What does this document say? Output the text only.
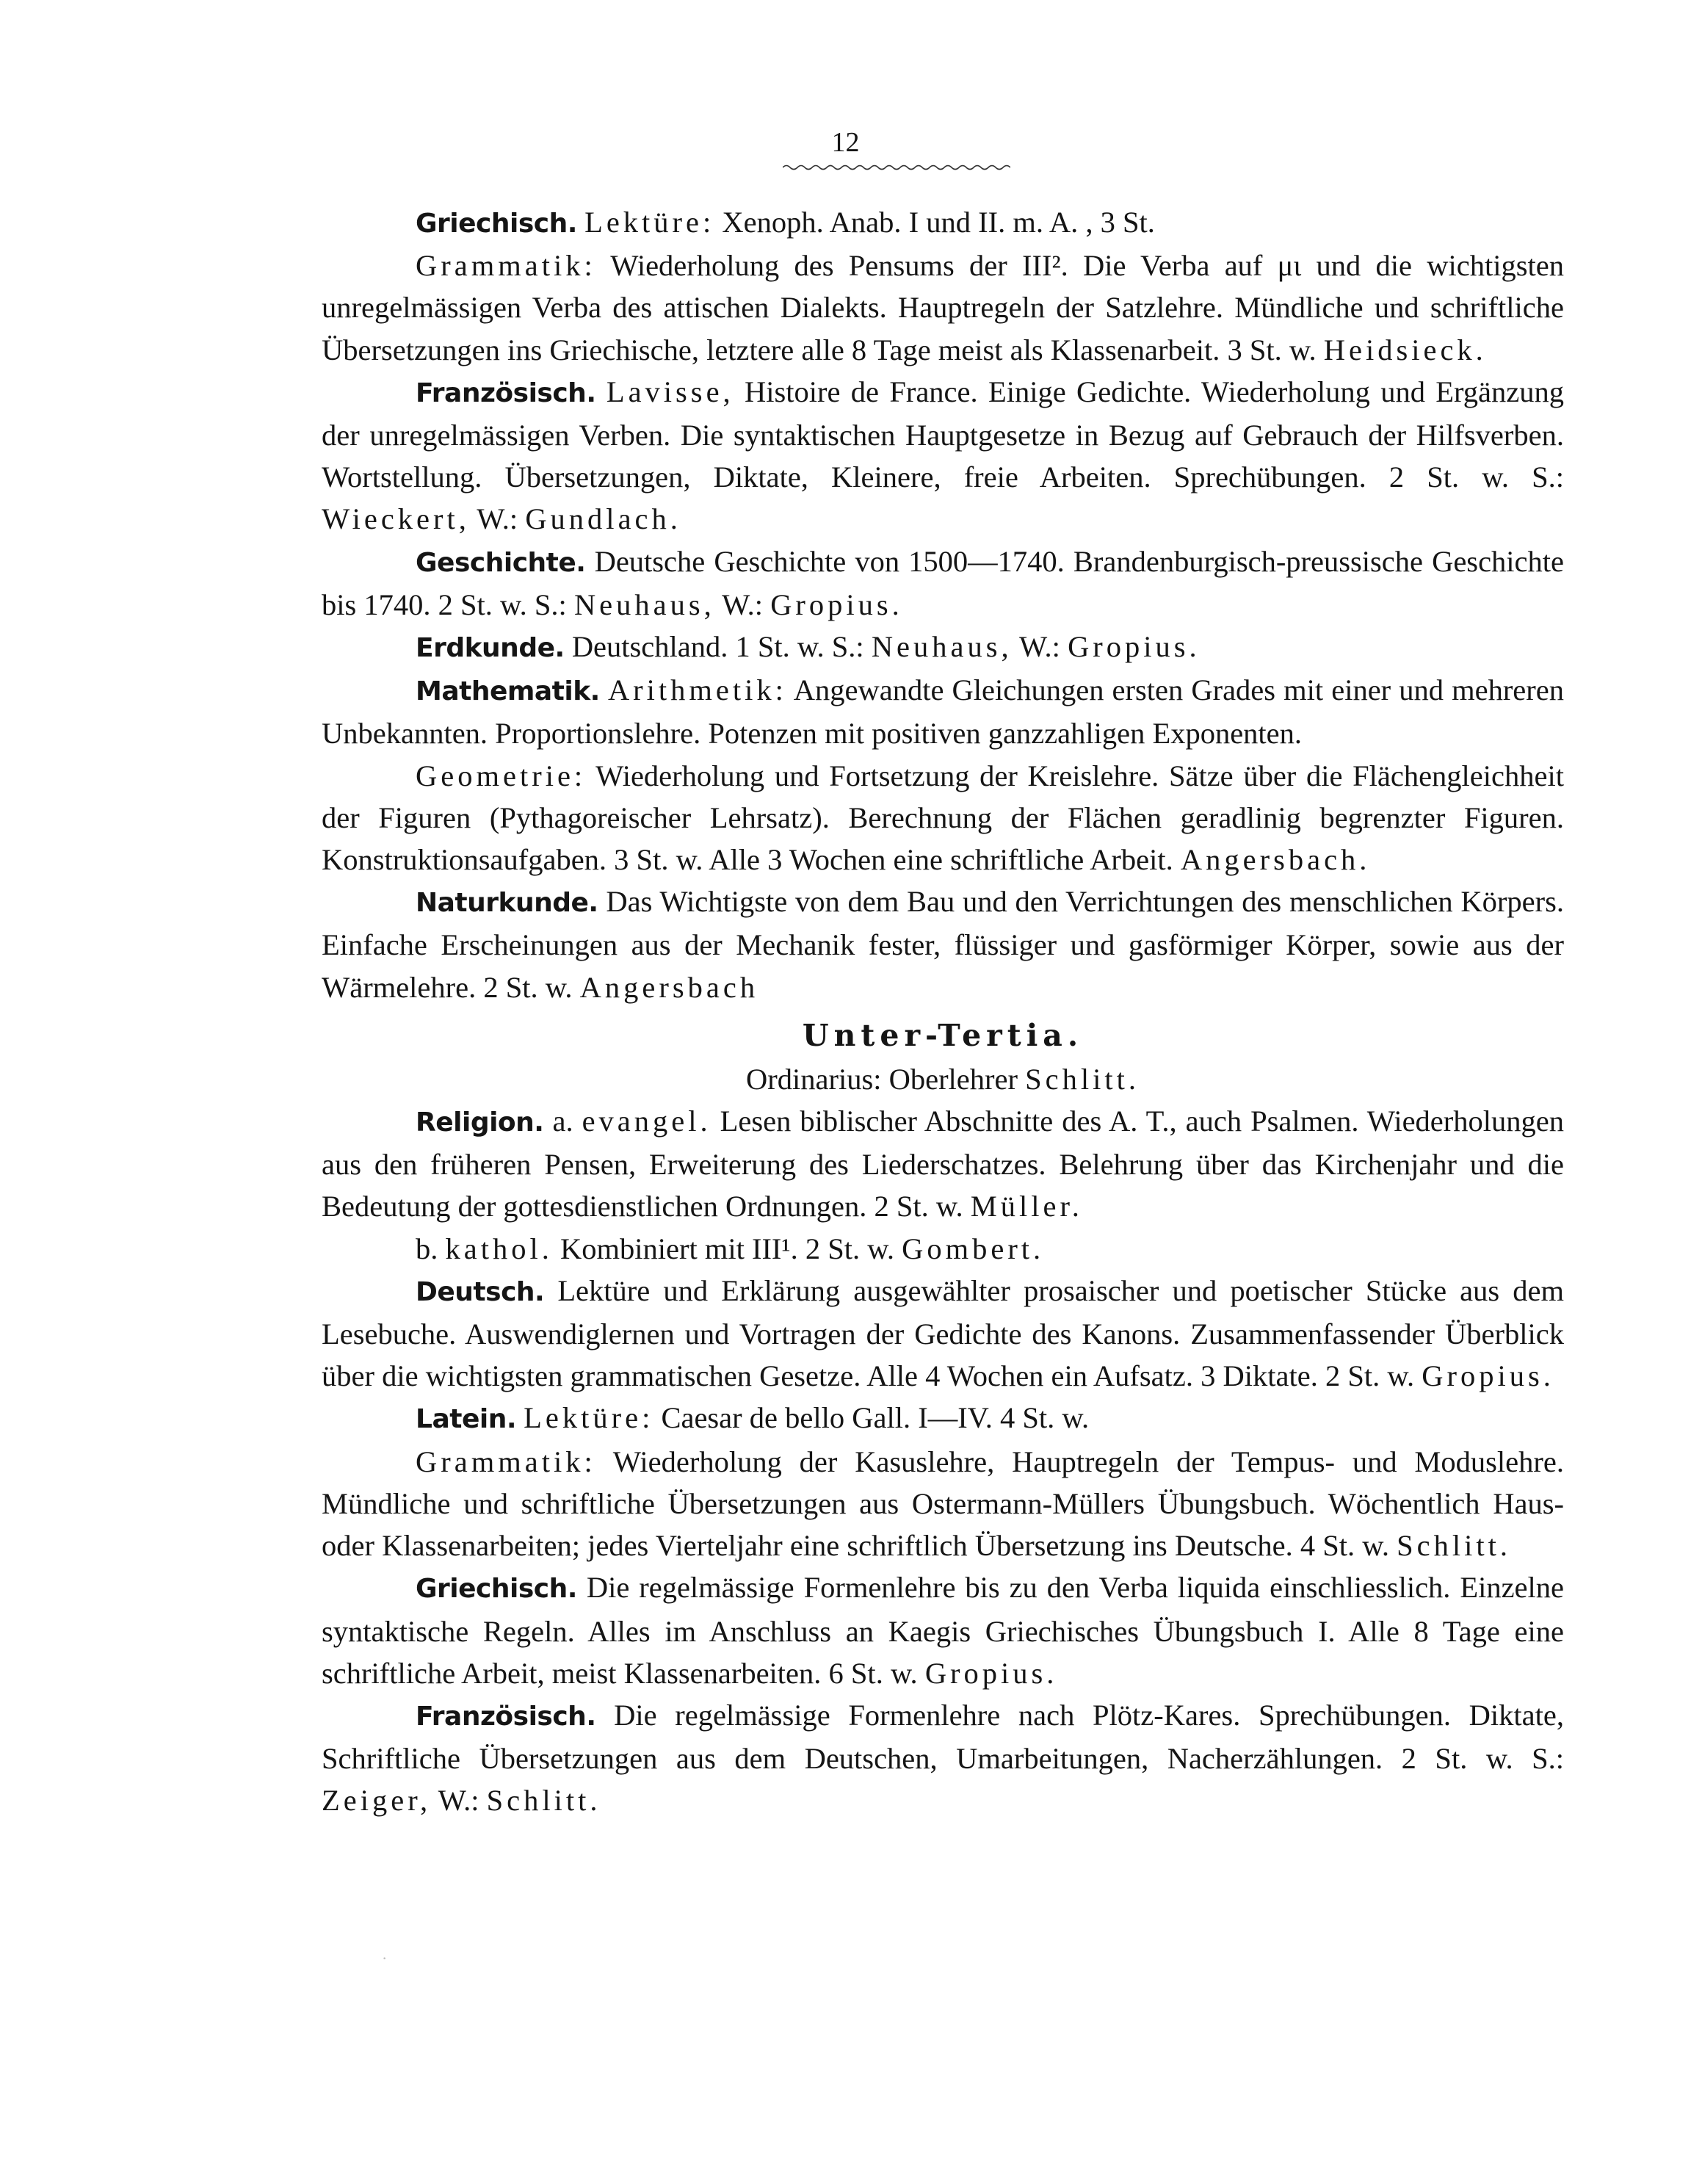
12

Griechisch. Lektüre: Xenoph. Anab. I und II. m. A. , 3 St.

Grammatik: Wiederholung des Pensums der III². Die Verba auf μι und die wichtigsten unregelmässigen Verba des attischen Dialekts. Hauptregeln der Satzlehre. Mündliche und schriftliche Übersetzungen ins Griechische, letztere alle 8 Tage meist als Klassenarbeit. 3 St. w. Heidsieck.

Französisch. Lavisse, Histoire de France. Einige Gedichte. Wiederholung und Ergänzung der unregelmässigen Verben. Die syntaktischen Hauptgesetze in Bezug auf Gebrauch der Hilfsverben. Wortstellung. Übersetzungen, Diktate, Kleinere, freie Arbeiten. Sprechübungen. 2 St. w. S.: Wieckert, W.: Gundlach.

Geschichte. Deutsche Geschichte von 1500—1740. Brandenburgisch-preussische Geschichte bis 1740. 2 St. w. S.: Neuhaus, W.: Gropius.

Erdkunde. Deutschland. 1 St. w. S.: Neuhaus, W.: Gropius.

Mathematik. Arithmetik: Angewandte Gleichungen ersten Grades mit einer und mehreren Unbekannten. Proportionslehre. Potenzen mit positiven ganzzahligen Exponenten.

Geometrie: Wiederholung und Fortsetzung der Kreislehre. Sätze über die Flächengleichheit der Figuren (Pythagoreischer Lehrsatz). Berechnung der Flächen geradlinig begrenzter Figuren. Konstruktionsaufgaben. 3 St. w. Alle 3 Wochen eine schriftliche Arbeit. Angersbach.

Naturkunde. Das Wichtigste von dem Bau und den Verrichtungen des menschlichen Körpers. Einfache Erscheinungen aus der Mechanik fester, flüssiger und gasförmiger Körper, sowie aus der Wärmelehre. 2 St. w. Angersbach

Unter-Tertia.

Ordinarius: Oberlehrer Schlitt.

Religion. a. evangel. Lesen biblischer Abschnitte des A. T., auch Psalmen. Wiederholungen aus den früheren Pensen, Erweiterung des Liederschatzes. Belehrung über das Kirchenjahr und die Bedeutung der gottesdienstlichen Ordnungen. 2 St. w. Müller.

b. kathol. Kombiniert mit III¹. 2 St. w. Gombert.

Deutsch. Lektüre und Erklärung ausgewählter prosaischer und poetischer Stücke aus dem Lesebuche. Auswendiglernen und Vortragen der Gedichte des Kanons. Zusammenfassender Überblick über die wichtigsten grammatischen Gesetze. Alle 4 Wochen ein Aufsatz. 3 Diktate. 2 St. w. Gropius.

Latein. Lektüre: Caesar de bello Gall. I—IV. 4 St. w.

Grammatik: Wiederholung der Kasuslehre, Hauptregeln der Tempus- und Moduslehre. Mündliche und schriftliche Übersetzungen aus Ostermann-Müllers Übungsbuch. Wöchentlich Haus- oder Klassenarbeiten; jedes Vierteljahr eine schriftlich Übersetzung ins Deutsche. 4 St. w. Schlitt.

Griechisch. Die regelmässige Formenlehre bis zu den Verba liquida einschliesslich. Einzelne syntaktische Regeln. Alles im Anschluss an Kaegis Griechisches Übungsbuch I. Alle 8 Tage eine schriftliche Arbeit, meist Klassenarbeiten. 6 St. w. Gropius.

Französisch. Die regelmässige Formenlehre nach Plötz-Kares. Sprechübungen. Diktate, Schriftliche Übersetzungen aus dem Deutschen, Umarbeitungen, Nacherzählungen. 2 St. w. S.: Zeiger, W.: Schlitt.

·
